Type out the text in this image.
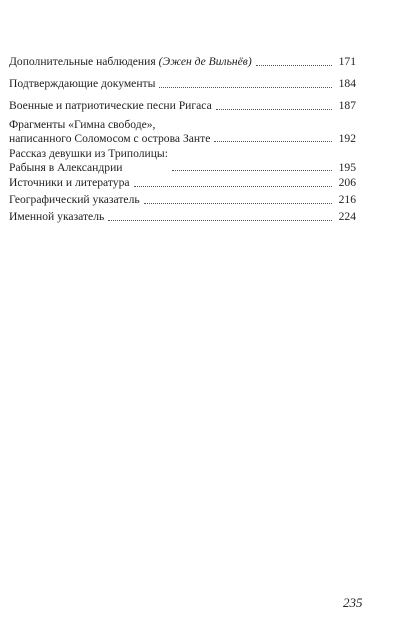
Дополнительные наблюдения (Эжен де Вильнёв)	171
Подтверждающие документы	184
Военные и патриотические песни Ригаса	187
Фрагменты «Гимна свободе»,
написанного Соломосом с острова Занте	192
Рассказ девушки из Триполицы:
Рабыня в Александрии	195
Источники и литература	206
Географический указатель	216
Именной указатель	224
235
